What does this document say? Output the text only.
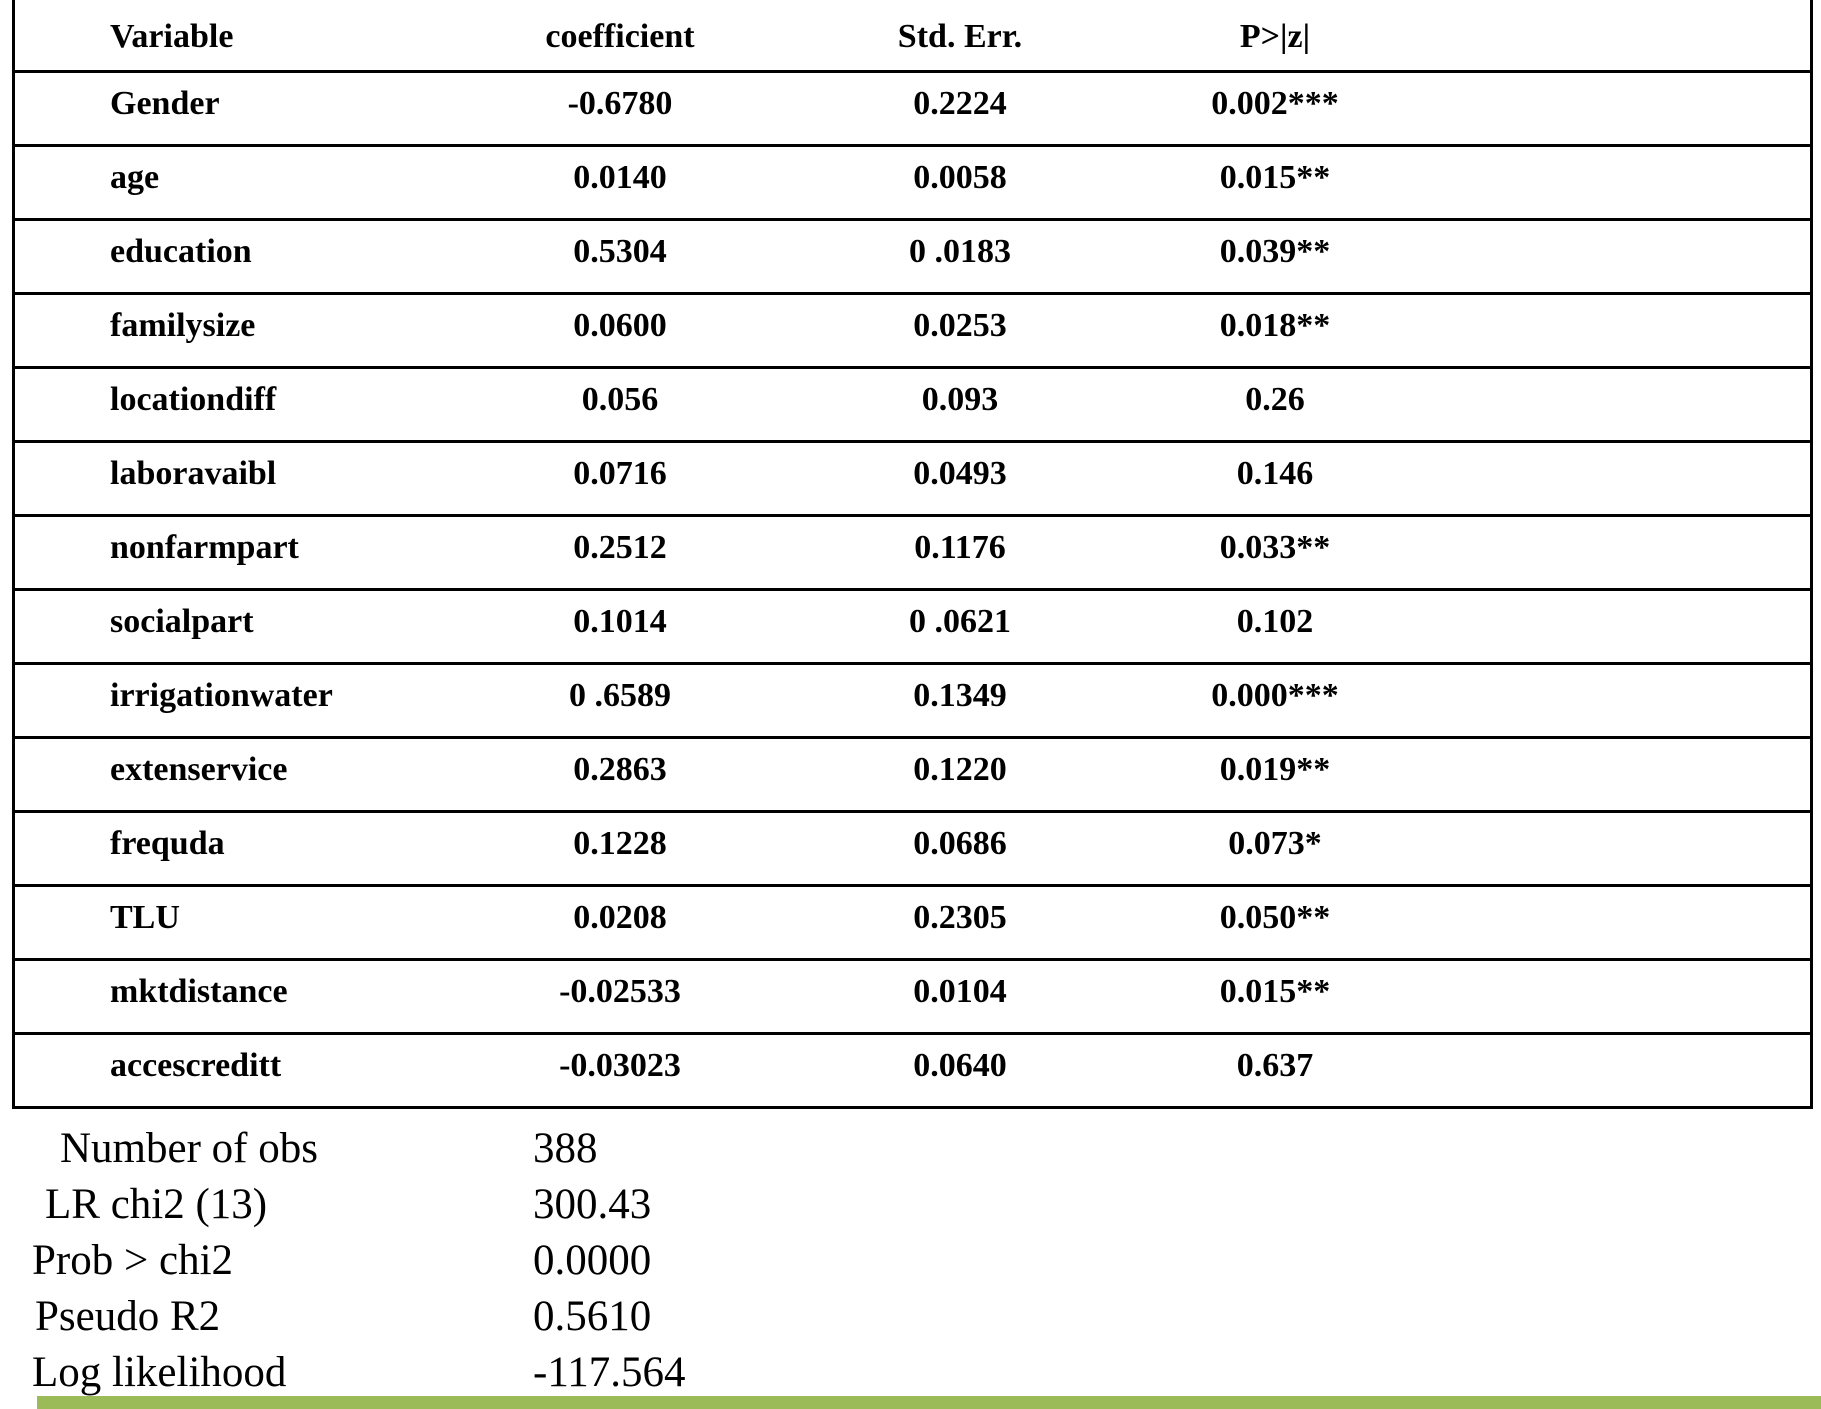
Variable	coefficient	Std. Err.	P>|z|
Gender	-0.6780	0.2224	0.002***
age	0.0140	0.0058	0.015**
education	0.5304	0 .0183	0.039**
familysize	0.0600	0.0253	0.018**
locationdiff	0.056	0.093	0.26
laboravaibl	0.0716	0.0493	0.146
nonfarmpart	0.2512	0.1176	0.033**
socialpart	0.1014	0 .0621	0.102
irrigationwater	0 .6589	0.1349	0.000***
extenservice	0.2863	0.1220	0.019**
frequda	0.1228	0.0686	0.073*
TLU	0.0208	0.2305	0.050**
mktdistance	-0.02533	0.0104	0.015**
accescreditt	-0.03023	0.0640	0.637
Number of obs	388
LR chi2 (13)	300.43
Prob > chi2	0.0000
Pseudo R2	0.5610
Log likelihood	-117.564
